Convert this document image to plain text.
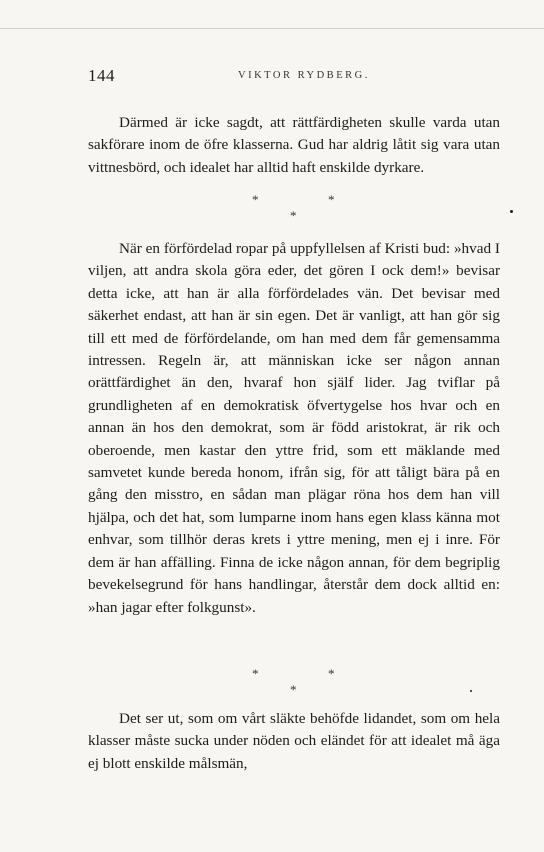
144	VIKTOR RYDBERG.
Därmed är icke sagdt, att rättfärdigheten skulle varda utan sakförare inom de öfre klasserna. Gud har aldrig låtit sig vara utan vittnesbörd, och idealet har alltid haft enskilde dyrkare.
*	*
*
När en förfördelad ropar på uppfyllelsen af Kristi bud: »hvad I viljen, att andra skola göra eder, det gören I ock dem!» bevisar detta icke, att han är alla förfördelades vän. Det bevisar med säkerhet endast, att han är sin egen. Det är vanligt, att han gör sig till ett med de förfördelande, om han med dem får gemensamma intressen. Regeln är, att människan icke ser någon annan orättfärdighet än den, hvaraf hon själf lider. Jag tviflar på grundligheten af en demokratisk öfvertygelse hos hvar och en annan än hos den demokrat, som är född aristokrat, är rik och oberoende, men kastar den yttre frid, som ett mäklande med samvetet kunde bereda honom, ifrån sig, för att tåligt bära på en gång den misstro, en sådan man plägar röna hos dem han vill hjälpa, och det hat, som lumparne inom hans egen klass känna mot enhvar, som tillhör deras krets i yttre mening, men ej i inre. För dem är han affälling. Finna de icke någon annan, för dem begriplig bevekelsegrund för hans handlingar, återstår dem dock alltid en: »han jagar efter folkgunst».
*	*
*
Det ser ut, som om vårt släkte behöfde lidandet, som om hela klasser måste sucka under nöden och eländet för att idealet må äga ej blott enskilde målsmän,
